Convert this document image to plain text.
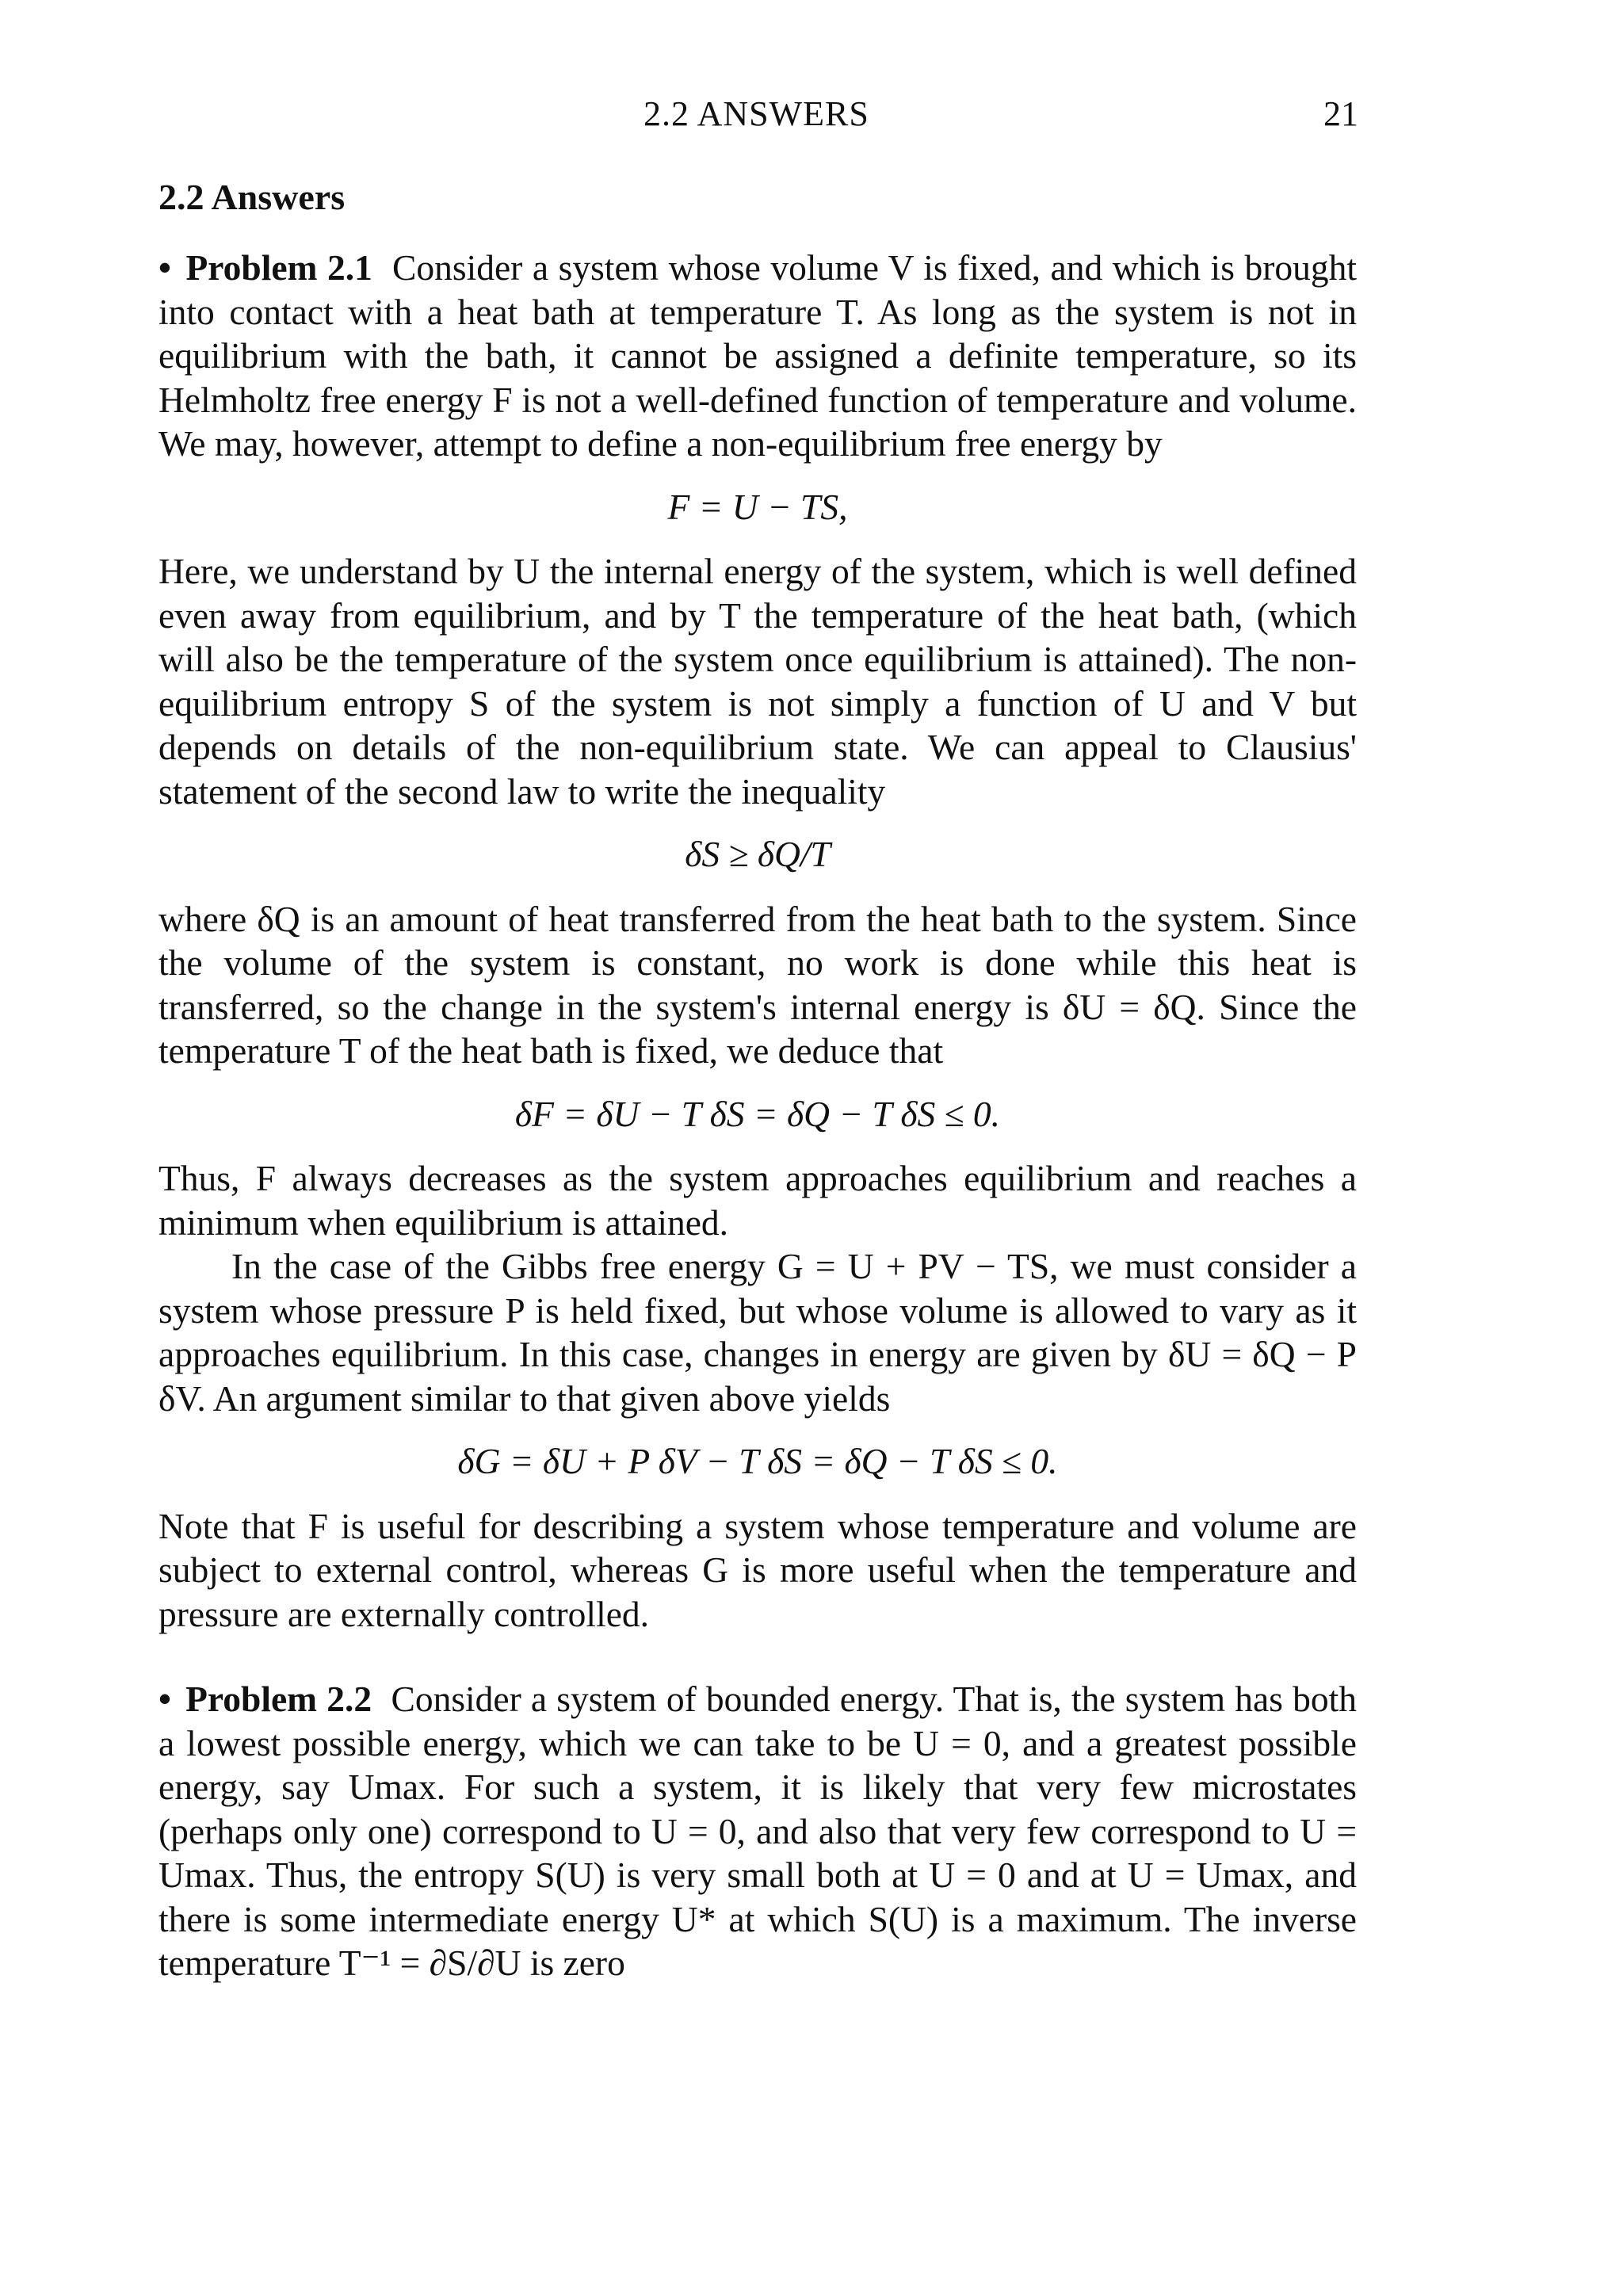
2.2 ANSWERS	21
2.2 Answers

• Problem 2.1 Consider a system whose volume V is fixed, and which is brought into contact with a heat bath at temperature T. As long as the system is not in equilibrium with the bath, it cannot be assigned a definite temperature, so its Helmholtz free energy F is not a well-defined function of temperature and volume. We may, however, attempt to define a non-equilibrium free energy by

F = U − TS,

Here, we understand by U the internal energy of the system, which is well defined even away from equilibrium, and by T the temperature of the heat bath, (which will also be the temperature of the system once equilibrium is attained). The non-equilibrium entropy S of the system is not simply a function of U and V but depends on details of the non-equilibrium state. We can appeal to Clausius' statement of the second law to write the inequality

δS ≥ δQ/T

where δQ is an amount of heat transferred from the heat bath to the system. Since the volume of the system is constant, no work is done while this heat is transferred, so the change in the system's internal energy is δU = δQ. Since the temperature T of the heat bath is fixed, we deduce that

δF = δU − T δS = δQ − T δS ≤ 0.

Thus, F always decreases as the system approaches equilibrium and reaches a minimum when equilibrium is attained.

In the case of the Gibbs free energy G = U + PV − TS, we must consider a system whose pressure P is held fixed, but whose volume is allowed to vary as it approaches equilibrium. In this case, changes in energy are given by δU = δQ − P δV. An argument similar to that given above yields

δG = δU + P δV − T δS = δQ − T δS ≤ 0.

Note that F is useful for describing a system whose temperature and volume are subject to external control, whereas G is more useful when the temperature and pressure are externally controlled.

• Problem 2.2 Consider a system of bounded energy. That is, the system has both a lowest possible energy, which we can take to be U = 0, and a greatest possible energy, say Umax. For such a system, it is likely that very few microstates (perhaps only one) correspond to U = 0, and also that very few correspond to U = Umax. Thus, the entropy S(U) is very small both at U = 0 and at U = Umax, and there is some intermediate energy U* at which S(U) is a maximum. The inverse temperature T⁻¹ = ∂S/∂U is zero
